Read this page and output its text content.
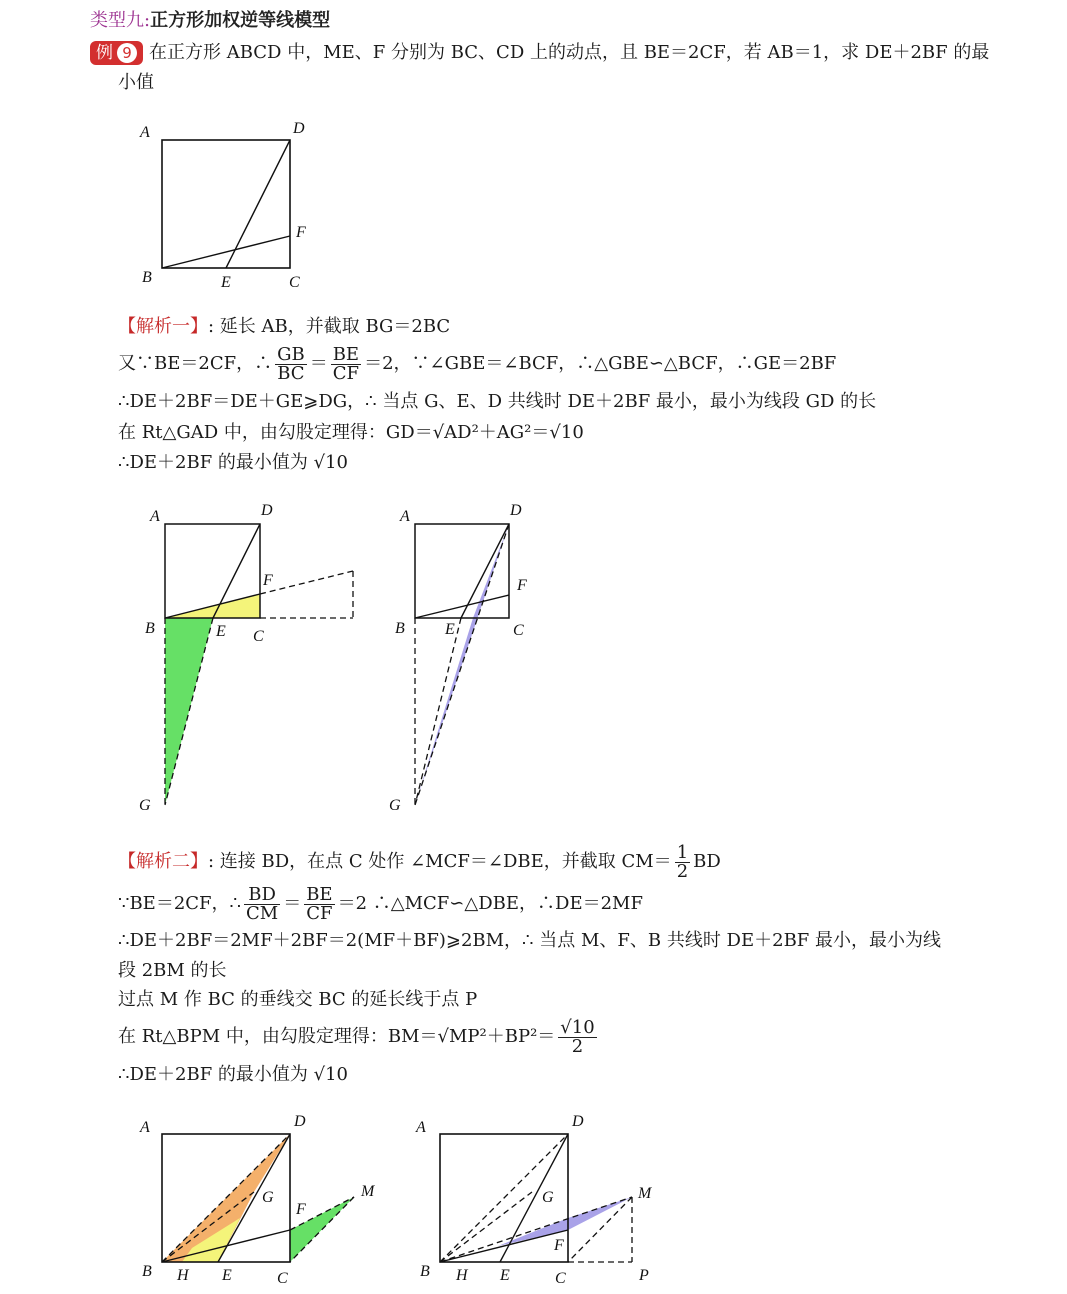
类型九:正方形加权逆等线模型
例 9 在正方形 ABCD 中，ME、F 分别为 BC、CD 上的动点，且 BE＝2CF，若 AB＝1，求 DE＋2BF 的最
小值
A	D
B	E	C
F
【解析一】: 延长 AB，并截取 BG＝2BC
又∵BE＝2CF，∴ $\frac{GB}{BC} = \frac{BE}{CF} =2$，∵∠GBE＝∠BCF，∴△GBE∽△BCF，∴GE＝2BF
∴DE＋2BF＝DE＋GE⩾DG，∴ 当点 G、E、D 共线时 DE＋2BF 最小，最小为线段 GD 的长
在 Rt△GAD 中，由勾股定理得：GD＝√AD²＋AG²＝√10
∴DE＋2BF 的最小值为 √10
A	D
B	E C
F
G
A	D
B	E	C
F
G
【解析二】: 连接 BD，在点 C 处作 ∠MCF＝∠DBE，并截取 $CM= \frac{1}{2}$ BD
∵BE＝2CF，∴ $\frac{BD}{CM} = \frac{BE}{CF} =2$ ∴△MCF∽△DBE，∴DE＝2MF
∴DE＋2BF＝2MF＋2BF＝2(MF＋BF)⩾2BM，∴ 当点 M、F、B 共线时 DE＋2BF 最小，最小为线
段 2BM 的长
过点 M 作 BC 的垂线交 BC 的延长线于点 P
在 Rt△BPM 中，由勾股定理得：$BM=√MP^2+BP^2= \frac{√10}{2}$
∴DE＋2BF 的最小值为 √10
A	D
B H E	C
G
F
M
A	D
B H E	C
G
F
M
P
